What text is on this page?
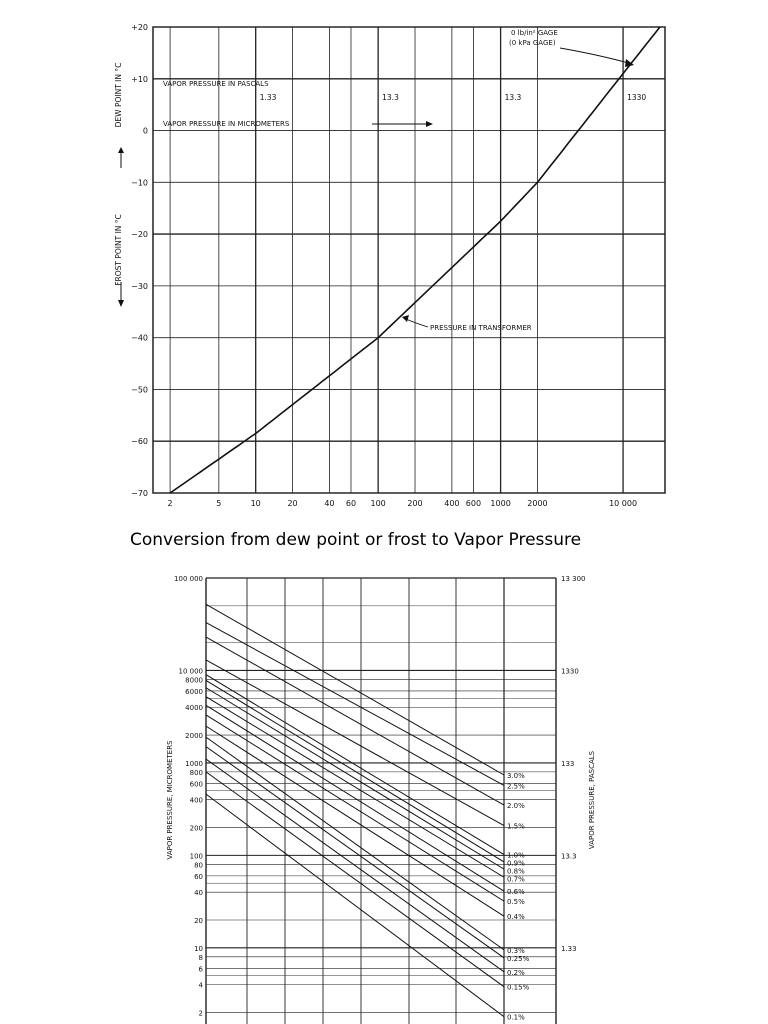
2	5	10	20	40 60 100	200	400 600 1000 2000	10 000
+20
+10
0
−10
−20
−30
−40
−50
−60
−70
DEW POINT IN °C
FROST POINT IN °C
VAPOR PRESSURE IN PASCALS
VAPOR PRESSURE IN MICROMETERS
1.33	13.3	13.3	1330
0 lb/in² GAGE
(0 kPa GAGE)
PRESSURE IN TRANSFORMER
Conversion from dew point or frost to Vapor Pressure
100 000
10 000
8000
6000
4000
2000
1000
800
600
400
200
100
80
60
40
20
10
8
6
4
2
13 300
1330
133
13.3
1.33
VAPOR PRESSURE, MICROMETERS	VAPOR PRESSURE, PASCALS
3.0%
2.5%
2.0%
1.5%
1.0%
0.9%
0.8%
0.7%
0.6%
0.5%
0.4%
0.3%
0.25%
0.2%
0.15%
0.1%
